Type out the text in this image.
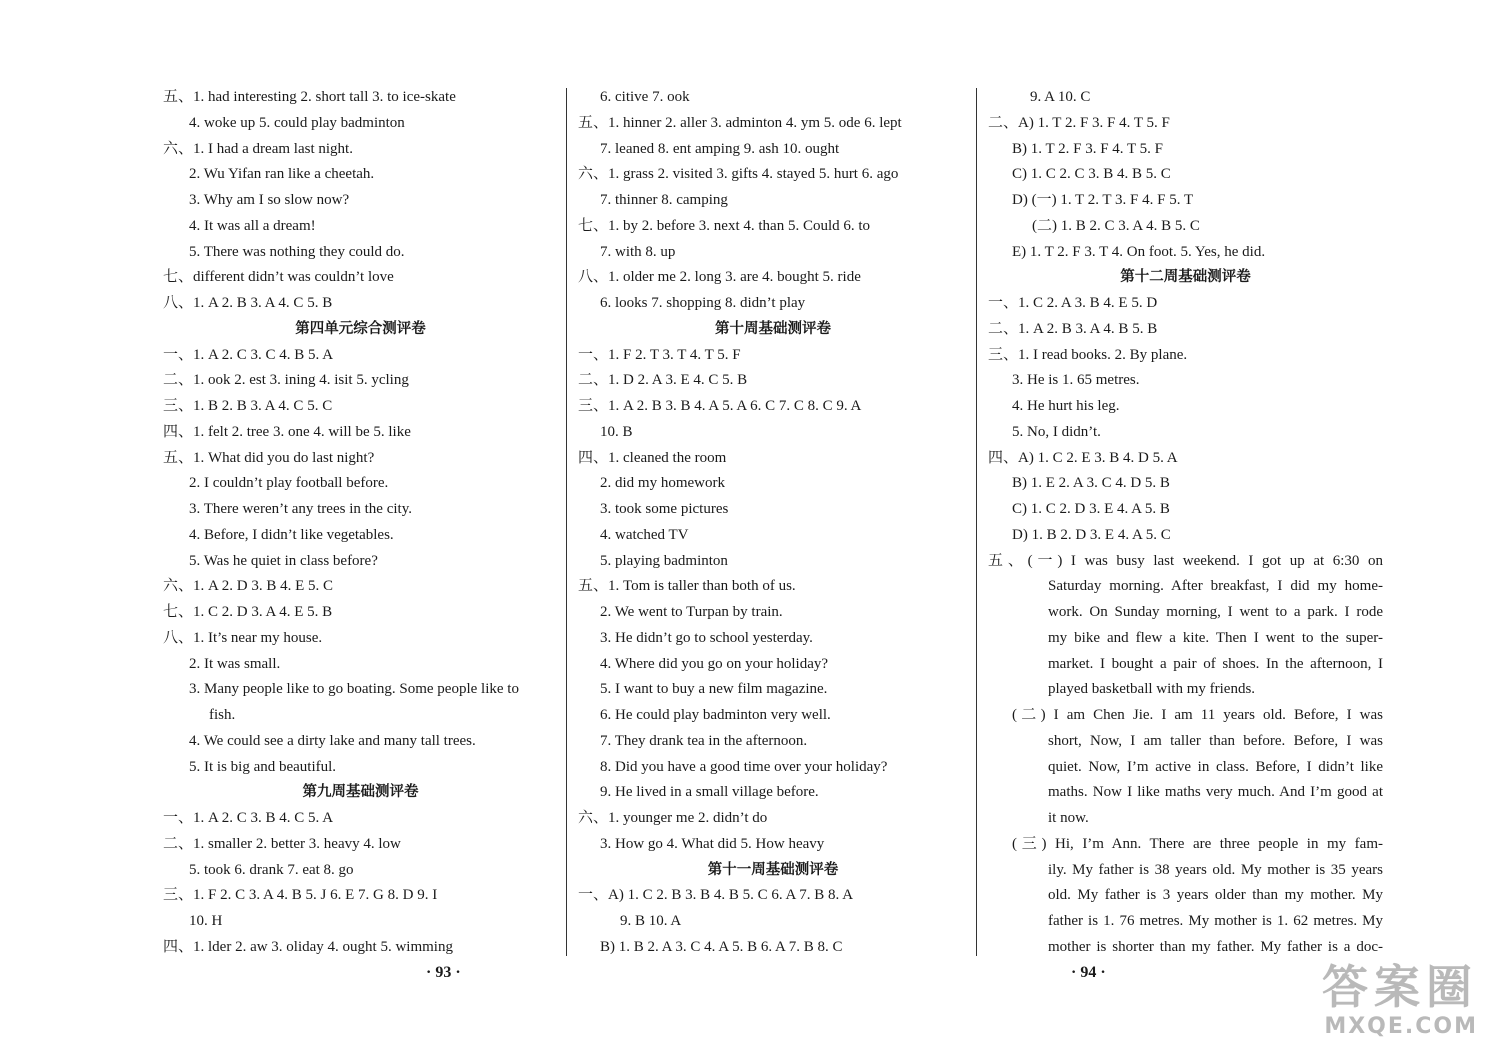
五、1. had interesting 2. short tall 3. to ice-skate
4. woke up 5. could play badminton
六、1. I had a dream last night.
2. Wu Yifan ran like a cheetah.
3. Why am I so slow now?
4. It was all a dream!
5. There was nothing they could do.
七、different didn’t was couldn’t love
八、1. A 2. B 3. A 4. C 5. B
第四单元综合测评卷
一、1. A 2. C 3. C 4. B 5. A
二、1. ook 2. est 3. ining 4. isit 5. ycling
三、1. B 2. B 3. A 4. C 5. C
四、1. felt 2. tree 3. one 4. will be 5. like
五、1. What did you do last night?
2. I couldn’t play football before.
3. There weren’t any trees in the city.
4. Before, I didn’t like vegetables.
5. Was he quiet in class before?
六、1. A 2. D 3. B 4. E 5. C
七、1. C 2. D 3. A 4. E 5. B
八、1. It’s near my house.
2. It was small.
3. Many people like to go boating. Some people like to
fish.
4. We could see a dirty lake and many tall trees.
5. It is big and beautiful.
第九周基础测评卷
一、1. A 2. C 3. B 4. C 5. A
二、1. smaller 2. better 3. heavy 4. low
5. took 6. drank 7. eat 8. go
三、1. F 2. C 3. A 4. B 5. J 6. E 7. G 8. D 9. I
10. H
四、1. lder 2. aw 3. oliday 4. ought 5. wimming
6. citive 7. ook
五、1. hinner 2. aller 3. adminton 4. ym 5. ode 6. lept
7. leaned 8. ent amping 9. ash 10. ought
六、1. grass 2. visited 3. gifts 4. stayed 5. hurt 6. ago
7. thinner 8. camping
七、1. by 2. before 3. next 4. than 5. Could 6. to
7. with 8. up
八、1. older me 2. long 3. are 4. bought 5. ride
6. looks 7. shopping 8. didn’t play
第十周基础测评卷
一、1. F 2. T 3. T 4. T 5. F
二、1. D 2. A 3. E 4. C 5. B
三、1. A 2. B 3. B 4. A 5. A 6. C 7. C 8. C 9. A
10. B
四、1. cleaned the room
2. did my homework
3. took some pictures
4. watched TV
5. playing badminton
五、1. Tom is taller than both of us.
2. We went to Turpan by train.
3. He didn’t go to school yesterday.
4. Where did you go on your holiday?
5. I want to buy a new film magazine.
6. He could play badminton very well.
7. They drank tea in the afternoon.
8. Did you have a good time over your holiday?
9. He lived in a small village before.
六、1. younger me 2. didn’t do
3. How go 4. What did 5. How heavy
第十一周基础测评卷
一、A) 1. C 2. B 3. B 4. B 5. C 6. A 7. B 8. A
9. B 10. A
B) 1. B 2. A 3. C 4. A 5. B 6. A 7. B 8. C
9. A 10. C
二、A) 1. T 2. F 3. F 4. T 5. F
B) 1. T 2. F 3. F 4. T 5. F
C) 1. C 2. C 3. B 4. B 5. C
D) (一) 1. T 2. T 3. F 4. F 5. T
(二) 1. B 2. C 3. A 4. B 5. C
E) 1. T 2. F 3. T 4. On foot. 5. Yes, he did.
第十二周基础测评卷
一、1. C 2. A 3. B 4. E 5. D
二、1. A 2. B 3. A 4. B 5. B
三、1. I read books. 2. By plane.
3. He is 1. 65 metres.
4. He hurt his leg.
5. No, I didn’t.
四、A) 1. C 2. E 3. B 4. D 5. A
B) 1. E 2. A 3. C 4. D 5. B
C) 1. C 2. D 3. E 4. A 5. B
D) 1. B 2. D 3. E 4. A 5. C
五、(一) I was busy last weekend. I got up at 6:30 on
Saturday morning. After breakfast, I did my home-
work. On Sunday morning, I went to a park. I rode
my bike and flew a kite. Then I went to the super-
market. I bought a pair of shoes. In the afternoon, I
played basketball with my friends.
(二) I am Chen Jie. I am 11 years old. Before, I was
short, Now, I am taller than before. Before, I was
quiet. Now, I’m active in class. Before, I didn’t like
maths. Now I like maths very much. And I’m good at
it now.
(三) Hi, I’m Ann. There are three people in my fam-
ily. My father is 38 years old. My mother is 35 years
old. My father is 3 years older than my mother. My
father is 1. 76 metres. My mother is 1. 62 metres. My
mother is shorter than my father. My father is a doc-
· 93 ·	· 94 ·	答案圈
MXQE.COM
